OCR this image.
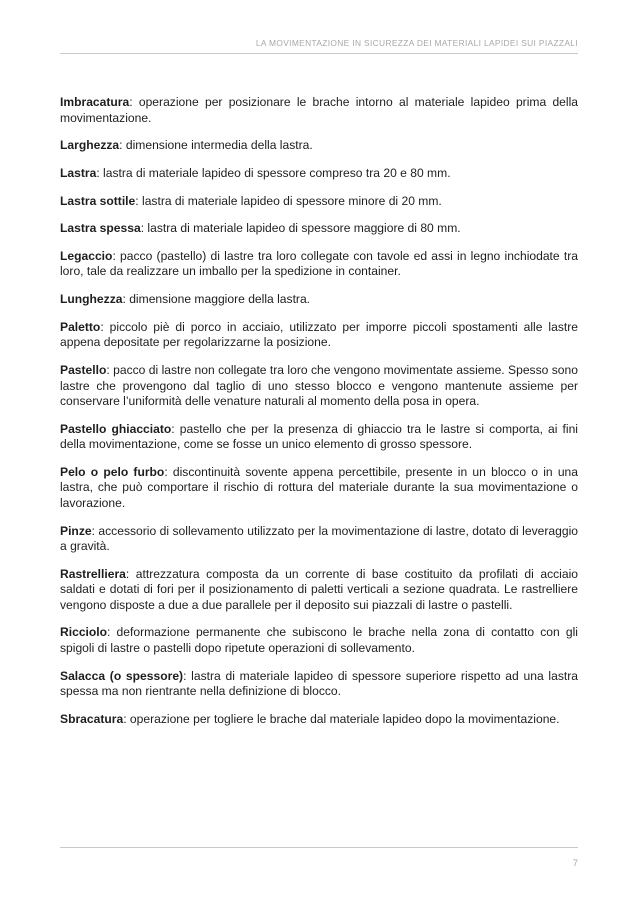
LA MOVIMENTAZIONE IN SICUREZZA DEI MATERIALI LAPIDEI SUI PIAZZALI

Imbracatura: operazione per posizionare le brache intorno al materiale lapideo prima della movimentazione.

Larghezza: dimensione intermedia della lastra.

Lastra: lastra di materiale lapideo di spessore compreso tra 20 e 80 mm.

Lastra sottile: lastra di materiale lapideo di spessore minore di 20 mm.

Lastra spessa: lastra di materiale lapideo di spessore maggiore di 80 mm.

Legaccio: pacco (pastello) di lastre tra loro collegate con tavole ed assi in legno inchiodate tra loro, tale da realizzare un imballo per la spedizione in container.

Lunghezza: dimensione maggiore della lastra.

Paletto: piccolo piè di porco in acciaio, utilizzato per imporre piccoli spostamenti alle lastre appena depositate per regolarizzarne la posizione.

Pastello: pacco di lastre non collegate tra loro che vengono movimentate assieme. Spesso sono lastre che provengono dal taglio di uno stesso blocco e vengono mantenute assieme per conservare l’uniformità delle venature naturali al momento della posa in opera.

Pastello ghiacciato: pastello che per la presenza di ghiaccio tra le lastre si comporta, ai fini della movimentazione, come se fosse un unico elemento di grosso spessore.

Pelo o pelo furbo: discontinuità sovente appena percettibile, presente in un blocco o in una lastra, che può comportare il rischio di rottura del materiale durante la sua movimentazione o lavorazione.

Pinze: accessorio di sollevamento utilizzato per la movimentazione di lastre, dotato di leveraggio a gravità.

Rastrelliera: attrezzatura composta da un corrente di base costituito da profilati di acciaio saldati e dotati di fori per il posizionamento di paletti verticali a sezione quadrata. Le rastrelliere vengono disposte a due a due parallele per il deposito sui piazzali di lastre o pastelli.

Ricciolo: deformazione permanente che subiscono le brache nella zona di contatto con gli spigoli di lastre o pastelli dopo ripetute operazioni di sollevamento.

Salacca (o spessore): lastra di materiale lapideo di spessore superiore rispetto ad una lastra spessa ma non rientrante nella definizione di blocco.

Sbracatura: operazione per togliere le brache dal materiale lapideo dopo la movimentazione.

7
